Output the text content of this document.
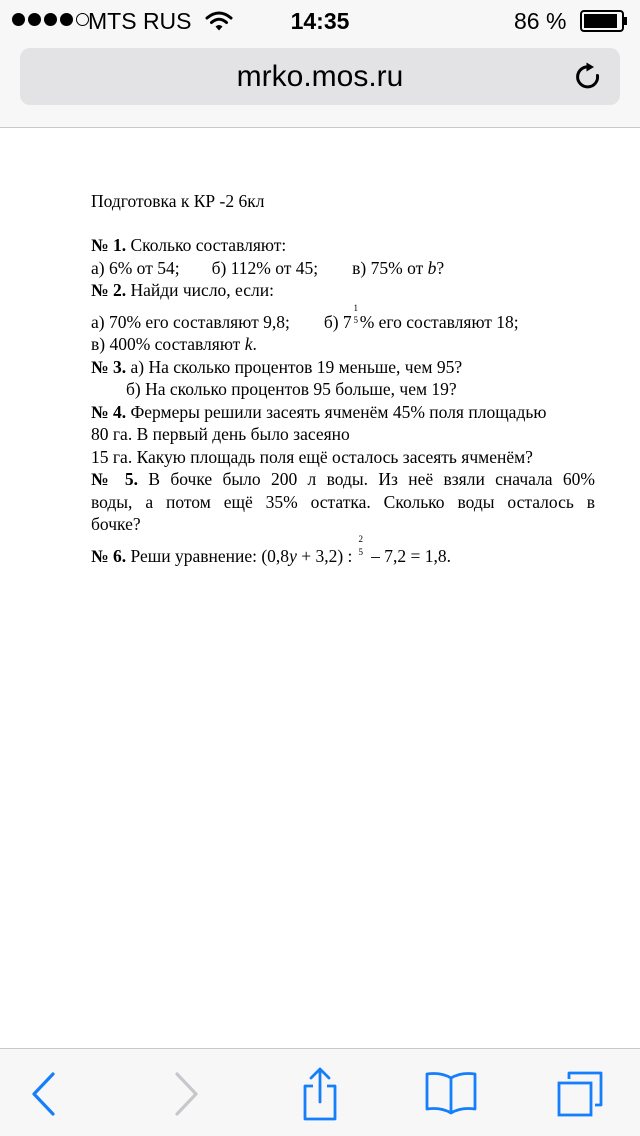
MTS RUS	14:35	86 %
mrko.mos.ru
Подготовка к КР -2 6кл
№ 1. Сколько составляют:
а) 6% от 54; б) 112% от 45; в) 75% от b?
№ 2. Найди число, если:
а) 70% его составляют 9,8; б) 7
1
5 % его составляют 18;
в) 400% составляют k.
№ 3. а) На сколько процентов 19 меньше, чем 95?
б) На сколько процентов 95 больше, чем 19?
№ 4. Фермеры решили засеять ячменём 45% поля площадью
80 га. В первый день было засеяно
15 га. Какую площадь поля ещё осталось засеять ячменём?
№ 5. В бочке было 200 л воды. Из неё взяли сначала 60%
воды, а потом ещё 35% остатка. Сколько воды осталось в
бочке?
№ 6. Реши уравнение: (0,8y + 3,2) :
2
5 – 7,2 = 1,8.
